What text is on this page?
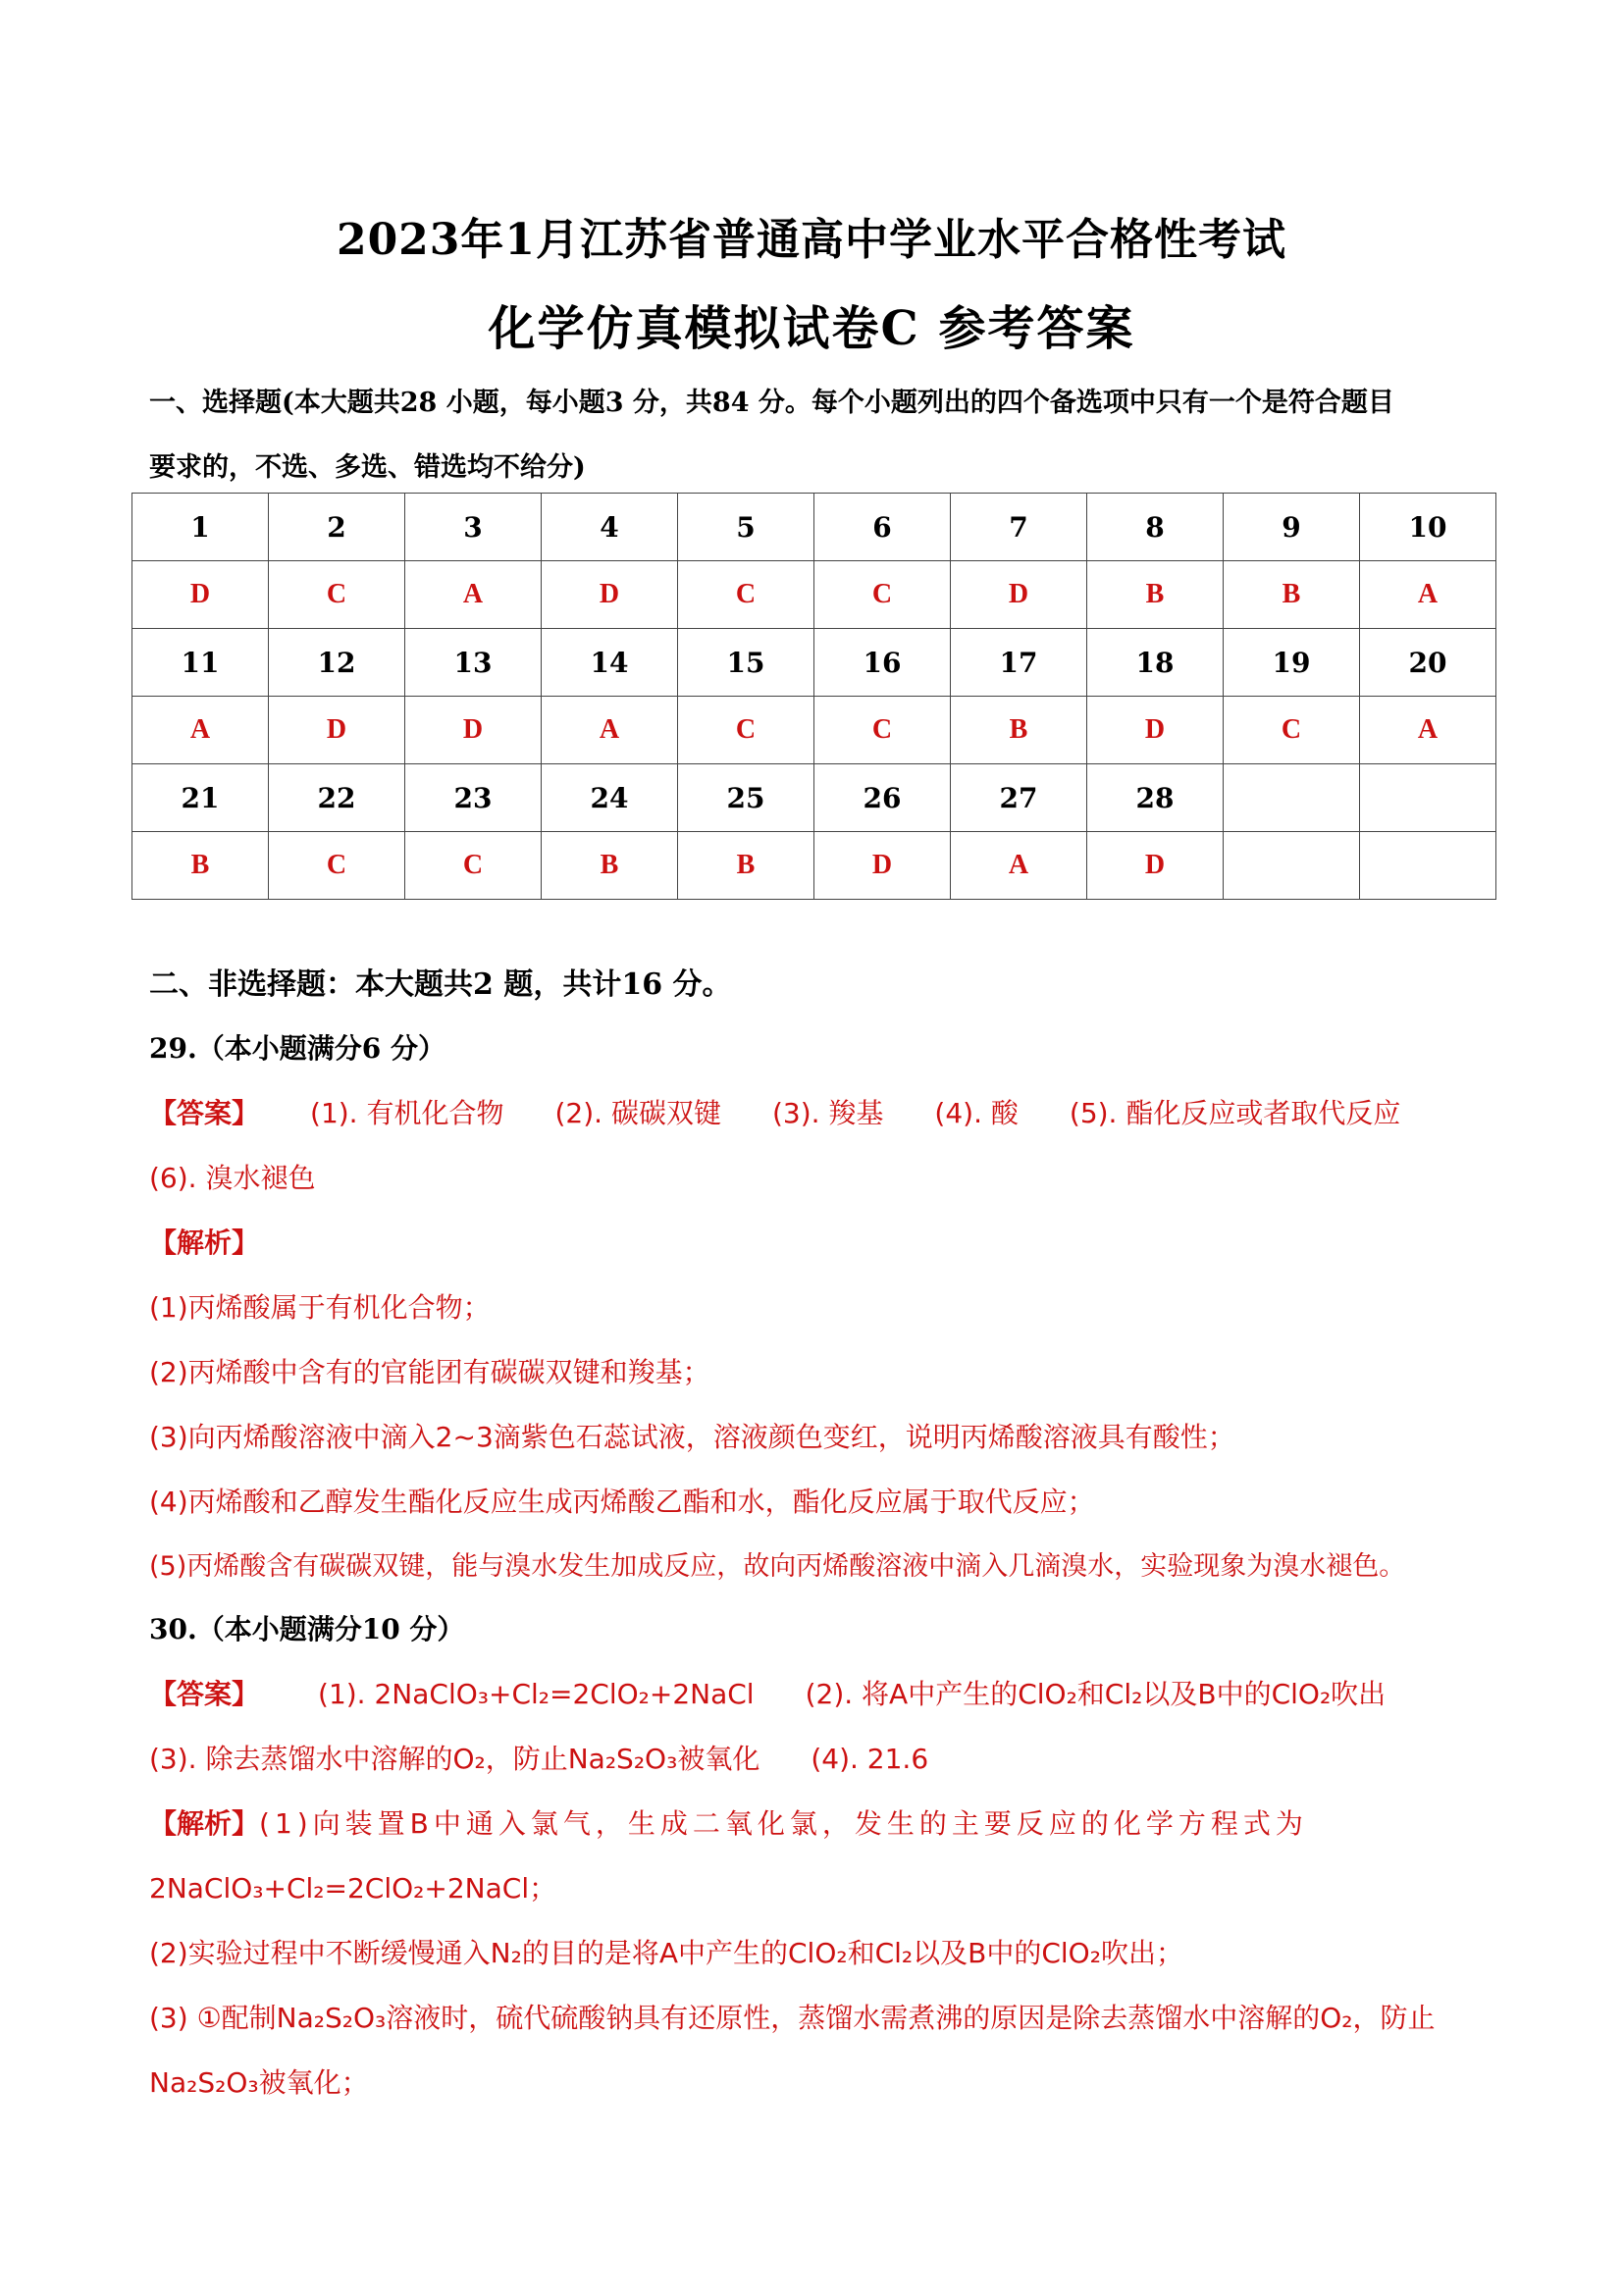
2023年1月江苏省普通高中学业水平合格性考试
化学仿真模拟试卷C 参考答案
一、选择题(本大题共28 小题，每小题3 分，共84 分。每个小题列出的四个备选项中只有一个是符合题目
要求的，不选、多选、错选均不给分)
1	2	3	4	5	6	7	8	9	10
D	C	A	D	C	C	D	B	B	A
11	12	13	14	15	16	17	18	19	20
A	D	D	A	C	C	B	D	C	A
21	22	23	24	25	26	27	28		
B	C	C	B	B	D	A	D		
二、非选择题：本大题共2 题，共计16 分。
29.（本小题满分6 分）
【答案】 (1). 有机化合物 (2). 碳碳双键 (3). 羧基 (4). 酸 (5). 酯化反应或者取代反应
(6). 溴水褪色
【解析】
(1)丙烯酸属于有机化合物；
(2)丙烯酸中含有的官能团有碳碳双键和羧基；
(3)向丙烯酸溶液中滴入2~3滴紫色石蕊试液，溶液颜色变红，说明丙烯酸溶液具有酸性；
(4)丙烯酸和乙醇发生酯化反应生成丙烯酸乙酯和水，酯化反应属于取代反应；
(5)丙烯酸含有碳碳双键，能与溴水发生加成反应，故向丙烯酸溶液中滴入几滴溴水，实验现象为溴水褪色。
30.（本小题满分10 分）
【答案】 (1). 2NaClO₃+Cl₂=2ClO₂+2NaCl (2). 将A中产生的ClO₂和Cl₂以及B中的ClO₂吹出
(3). 除去蒸馏水中溶解的O₂，防止Na₂S₂O₃被氧化 (4). 21.6
【解析】(1)向装置B中通入氯气，生成二氧化氯，发生的主要反应的化学方程式为
2NaClO₃+Cl₂=2ClO₂+2NaCl；
(2)实验过程中不断缓慢通入N₂的目的是将A中产生的ClO₂和Cl₂以及B中的ClO₂吹出；
(3) ①配制Na₂S₂O₃溶液时，硫代硫酸钠具有还原性，蒸馏水需煮沸的原因是除去蒸馏水中溶解的O₂，防止
Na₂S₂O₃被氧化；
